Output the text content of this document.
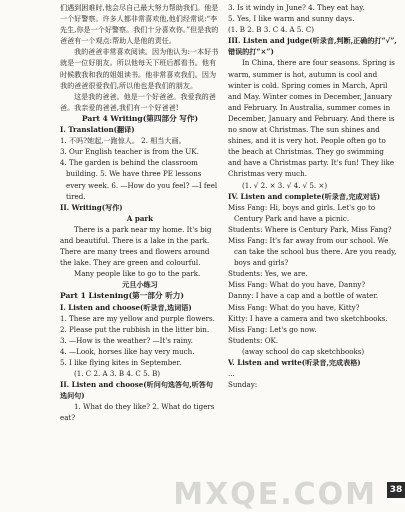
们遇到困难时,他会尽自己最大努力帮助我们。他是一个好警察。许多人都非常喜欢他,他们经常说:“李先生,你是一个好警察。我们十分喜欢你。”但是我的爸爸有一个观点:帮助人是他的责任。

我的爸爸非常喜欢阅读。因为他认为:一本好书就是一位好朋友。所以他每天下班后都看书。他有时候教我和我的姐姐读书。他非常喜欢我们。因为我的爸爸很爱我们,所以他也是我们的朋友。

这是我的爸爸。他是一个好爸爸。我爱我的爸爸。我亲爱的爸爸,我们有一个好爸爸!

Part 4 Writing(第四部分 写作)

I. Translation(翻译)

1. 不吗?她起,一跑惊人。 2. 相当大画。

3. Our English teacher is from the UK.

4. The garden is behind the classroom building. 5. We have three PE lessons every week. 6. —How do you feel? —I feel tired.

II. Writing(写作)

A park

There is a park near my home. It's big and beautiful. There is a lake in the park. There are many trees and flowers around the lake. They are green and colourful.

Many people like to go to the park.

元旦小练习

Part 1 Listening(第一部分 听力)

I. Listen and choose(听录音,选词语)

1. These are my yellow and purple flowers.

2. Please put the rubbish in the litter bin.

3. —How is the weather? —It's rainy.

4. —Look, horses like hay very much.

5. I like flying kites in September.

(1. C 2. A 3. B 4. C 5. B)

II. Listen and choose(听问句选答句,听答句选问句)

1. What do they like? 2. What do tigers eat?

3. Is it windy in June? 4. They eat hay.

5. Yes, I like warm and sunny days.

(1. B 2. B 3. C 4. A 5. C)

III. Listen and judge(听录音,判断,正确的打“√”,错误的打“×”)

In China, there are four seasons. Spring is warm, summer is hot, autumn is cool and winter is cold. Spring comes in March, April and May. Winter comes in December, January and February. In Australia, summer comes in December, January and February. And there is no snow at Christmas. The sun shines and shines, and it is very hot. People often go to the beach at Christmas. They go swimming and have a Christmas party. It's fun! They like Christmas very much.

(1. √ 2. × 3. √ 4. √ 5. ×)

IV. Listen and complete(听录音,完成对话)

Miss Fang: Hi, boys and girls. Let's go to Century Park and have a picnic.

Students: Where is Century Park, Miss Fang?

Miss Fang: It's far away from our school. We can take the school bus there. Are you ready, boys and girls?

Students: Yes, we are.

Miss Fang: What do you have, Danny?

Danny: I have a cap and a bottle of water.

Miss Fang: What do you have, Kitty?

Kitty: I have a camera and two sketchbooks.

Miss Fang: Let's go now.

Students: OK.

(away school do cap sketchbooks)

V. Listen and write(听录音,完成表格)

...

Sunday:

MXQE.COM	38
